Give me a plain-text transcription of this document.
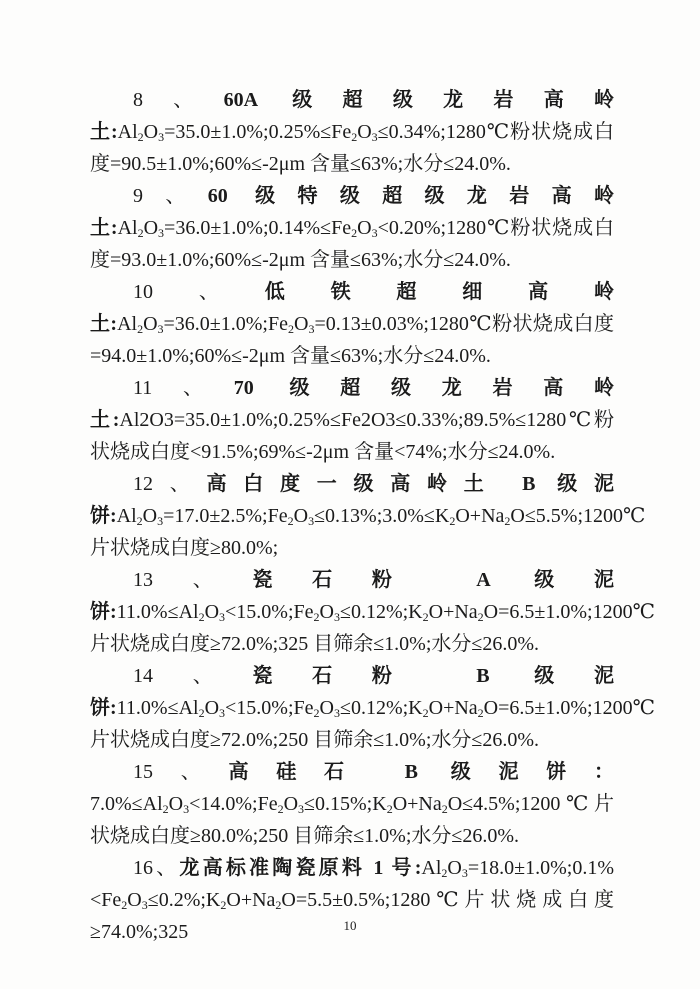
8、60A 级超级龙岩高岭土$:Al_2O_3=35.0\pm 1.0\%;0.25\%\le Fe_2O_3\le 0.34\%;1280℃$粉状烧成白度=90.5±1.0%;60%≤-2μm 含量≤63%;水分≤24.0%.

9、60 级特级超级龙岩高岭土$:Al_2O_3=36.0\pm 1.0\%;0.14\%\le Fe_2O_3<0.20\%;1280℃$粉状烧成白度=93.0±1.0%;60%≤-2μm 含量≤63%;水分≤24.0%.

10、低铁超细高岭土$:Al_2O_3=36.0\pm 1.0\%;Fe_2O_3=0.13\pm 0.03\%;1280℃$粉状烧成白度=94.0±1.0%;60%≤-2μm 含量≤63%;水分≤24.0%.

11、70 级超级龙岩高岭土:Al2O3=35.0±1.0%;0.25%≤Fe2O3≤0.33%;89.5%≤1280℃粉状烧成白度<91.5%;69%≤-2μm 含量<74%;水分≤24.0%.

12、高白度一级高岭土 B 级泥饼$:Al_2O_3=17.0\pm 2.5\%;Fe_2O_3\le 0.13\%;3.0\%\le K_2O+Na_2O\le 5.5\%;1200℃$片状烧成白度≥80.0%;

13、瓷石粉 A 级泥饼$:11.0\%\le Al_2O_3<15.0\%;Fe_2O_3\le 0.12\%;K_2O+Na_2O=6.5\pm 1.0\%;1200℃$片状烧成白度≥72.0%;325 目筛余≤1.0%;水分≤26.0%.

14、瓷石粉 B 级泥饼$:11.0\%\le Al_2O_3<15.0\%;Fe_2O_3\le 0.12\%;K_2O+Na_2O=6.5\pm 1.0\%;1200℃$片状烧成白度≥72.0%;250 目筛余≤1.0%;水分≤26.0%.

15、高硅石 B 级泥饼：$7.0\%\le Al_2O_3<14.0\%;Fe_2O_3\le 0.15\%;K_2O+Na_2O\le 4.5\%;1200℃$片状烧成白度≥80.0%;250 目筛余≤1.0%;水分≤26.0%.

16、龙高标准陶瓷原料 1 号$:Al_2O_3=18.0\pm 1.0\%;0.1\%<Fe_2O_3\le 0.2\%;K_2O+Na_2O=5.5\pm 0.5\%;1280℃$片状烧成白度≥74.0%;325	10
